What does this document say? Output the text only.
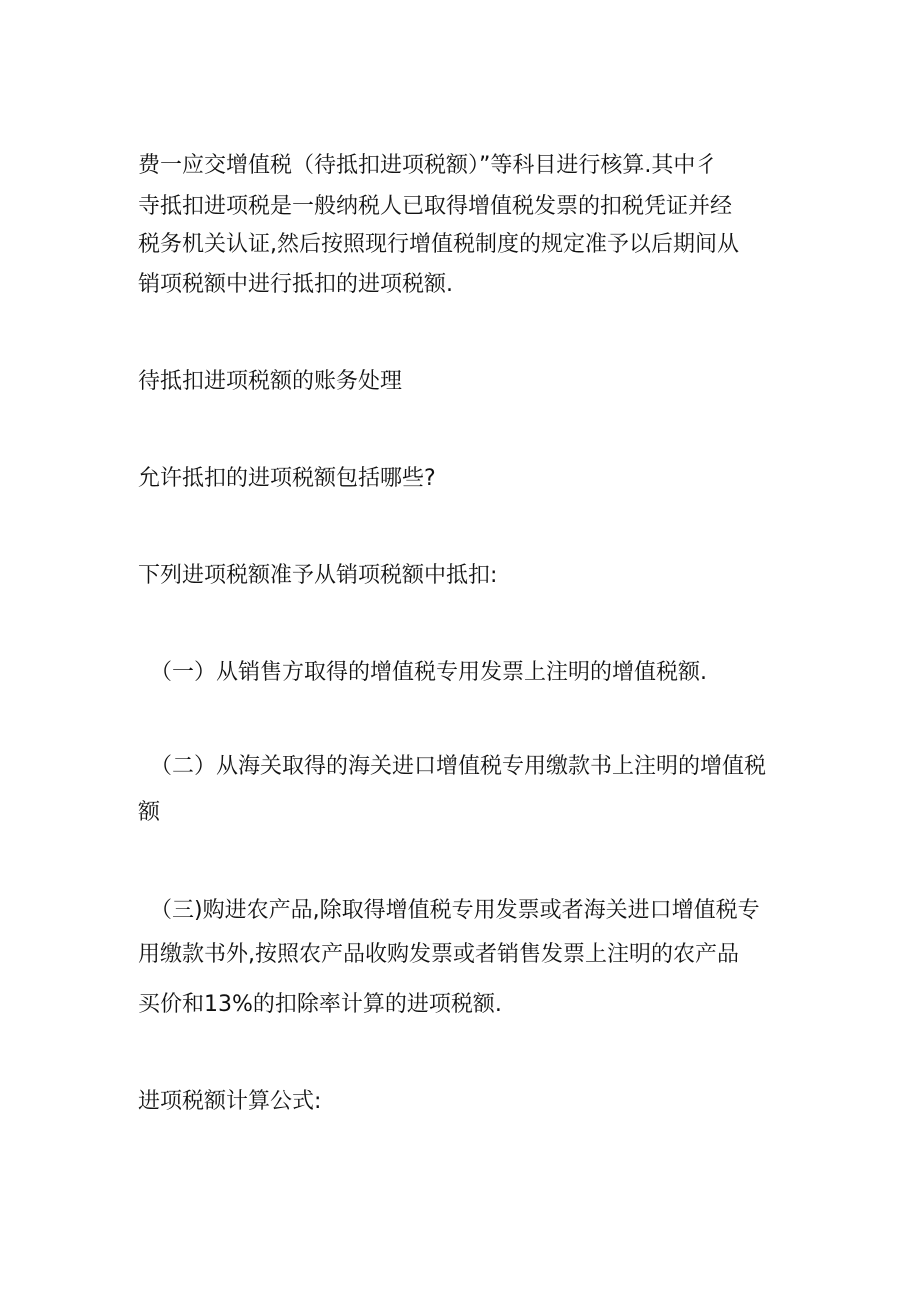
费一应交增值税（待抵扣进项税额）”等科目进行核算.其中彳
寺抵扣进项税是一般纳税人已取得增值税发票的扣税凭证并经
税务机关认证,然后按照现行增值税制度的规定准予以后期间从
销项税额中进行抵扣的进项税额.
待抵扣进项税额的账务处理
允许抵扣的进项税额包括哪些?
下列进项税额准予从销项税额中抵扣:
（一）从销售方取得的增值税专用发票上注明的增值税额.
（二）从海关取得的海关进口增值税专用缴款书上注明的增值税
额
（三)购进农产品,除取得增值税专用发票或者海关进口增值税专
用缴款书外,按照农产品收购发票或者销售发票上注明的农产品
买价和13%的扣除率计算的进项税额.
进项税额计算公式:
